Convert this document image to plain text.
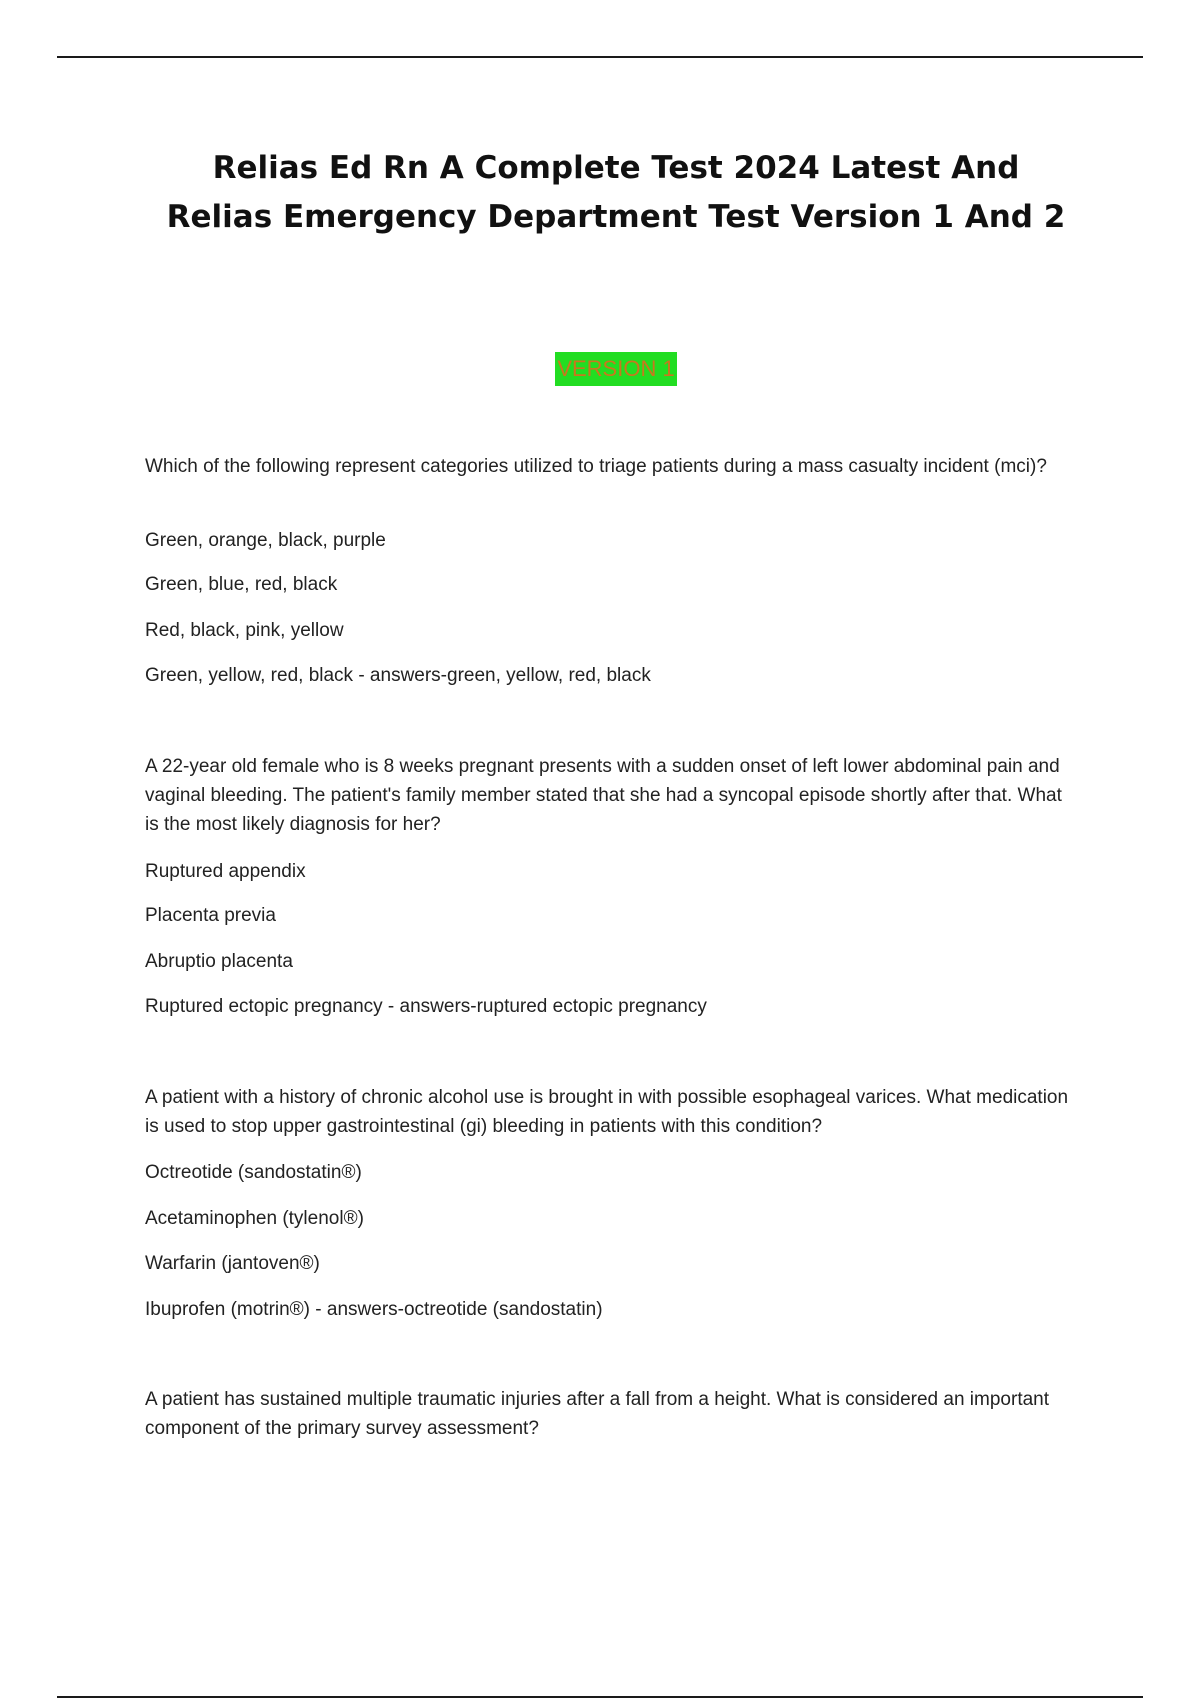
Relias Ed Rn A Complete Test 2024 Latest And
Relias Emergency Department Test Version 1 And 2
VERSION 1

Which of the following represent categories utilized to triage patients during a mass casualty incident (mci)?

Green, orange, black, purple

Green, blue, red, black

Red, black, pink, yellow

Green, yellow, red, black - answers-green, yellow, red, black

A 22-year old female who is 8 weeks pregnant presents with a sudden onset of left lower abdominal pain and vaginal bleeding. The patient's family member stated that she had a syncopal episode shortly after that. What is the most likely diagnosis for her?

Ruptured appendix

Placenta previa

Abruptio placenta

Ruptured ectopic pregnancy - answers-ruptured ectopic pregnancy

A patient with a history of chronic alcohol use is brought in with possible esophageal varices. What medication is used to stop upper gastrointestinal (gi) bleeding in patients with this condition?

Octreotide (sandostatin®)

Acetaminophen (tylenol®)

Warfarin (jantoven®)

Ibuprofen (motrin®) - answers-octreotide (sandostatin)

A patient has sustained multiple traumatic injuries after a fall from a height. What is considered an important component of the primary survey assessment?
